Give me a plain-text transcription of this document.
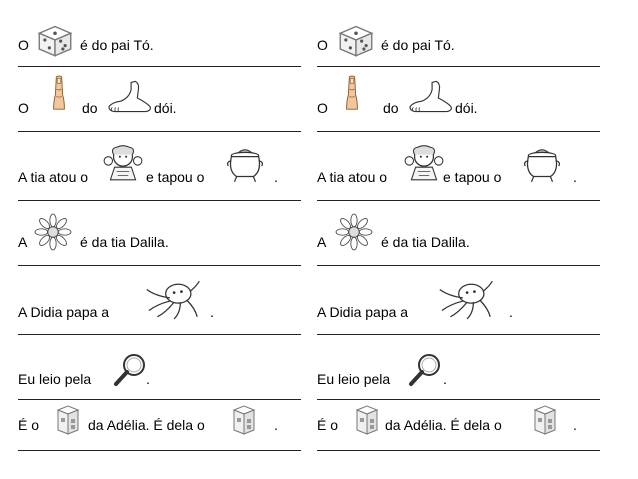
O	é do pai Tó.
O	do	dói.
A tia atou o	e tapou o	.
A	é da tia Dalila.
A Didia papa a	.
Eu leio pela	.
É o	da Adélia. É dela o	.
O	é do pai Tó.
O	do	dói.
A tia atou o	e tapou o	.
A	é da tia Dalila.
A Didia papa a	.
Eu leio pela	.
É o	da Adélia. É dela o	.
